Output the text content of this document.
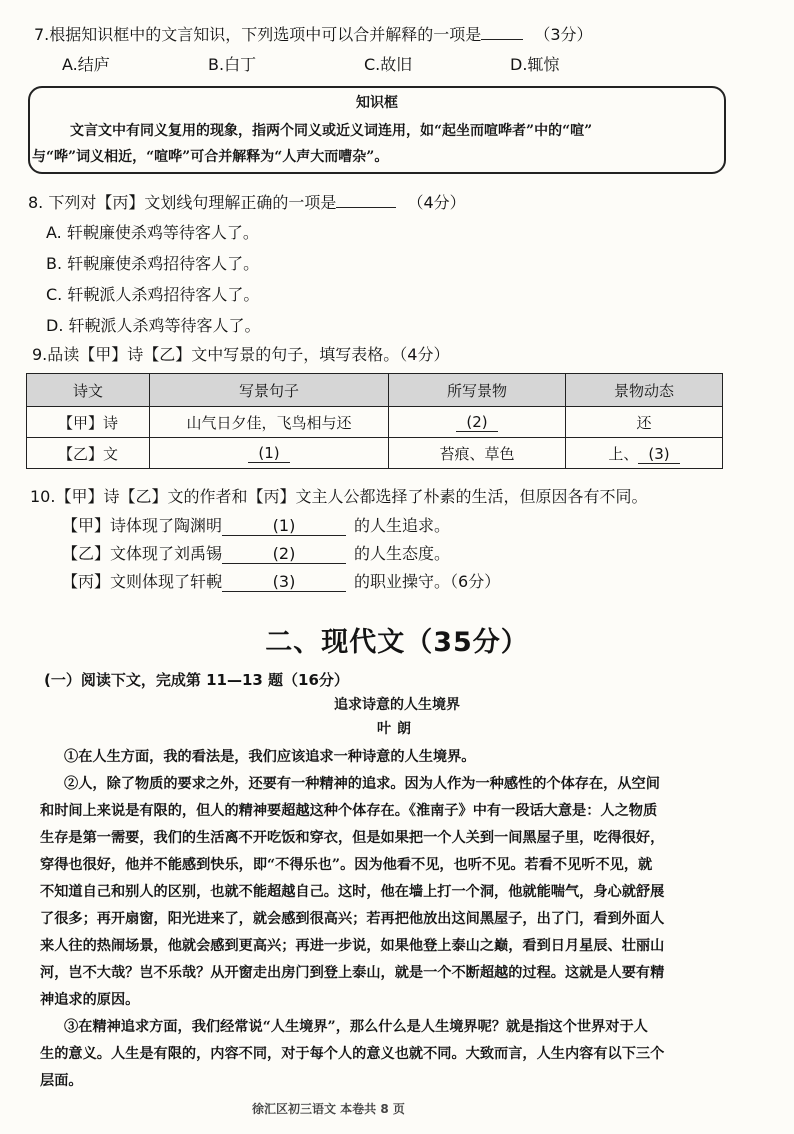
7.根据知识框中的文言知识，下列选项中可以合并解释的一项是	（3分）
A.结庐	B.白丁	C.故旧	D.辄惊
知识框
文言文中有同义复用的现象，指两个同义或近义词连用，如“起坐而喧哗者”中的“喧”
与“哗”词义相近，“喧哗”可合并解释为“人声大而嘈杂”。
8. 下列对【丙】文划线句理解正确的一项是	（4分）
A. 轩輗廉使杀鸡等待客人了。
B. 轩輗廉使杀鸡招待客人了。
C. 轩輗派人杀鸡招待客人了。
D. 轩輗派人杀鸡等待客人了。
9.品读【甲】诗【乙】文中写景的句子，填写表格。（4分）
诗文	写景句子	所写景物	景物动态
【甲】诗	山气日夕佳，飞鸟相与还	(2)	还
【乙】文	(1)	苔痕、草色	上、 (3)
10.【甲】诗【乙】文的作者和【丙】文主人公都选择了朴素的生活，但原因各有不同。
【甲】诗体现了陶渊明	(1)	的人生追求。
【乙】文体现了刘禹锡	(2)	的人生态度。
【丙】文则体现了轩輗	(3)	的职业操守。（6分）
二、现代文（35分）
(一）阅读下文，完成第 11—13 题（16分）
追求诗意的人生境界
叶朗
①在人生方面，我的看法是，我们应该追求一种诗意的人生境界。
②人，除了物质的要求之外，还要有一种精神的追求。因为人作为一种感性的个体存在，从空间
和时间上来说是有限的，但人的精神要超越这种个体存在。《淮南子》中有一段话大意是：人之物质
生存是第一需要，我们的生活离不开吃饭和穿衣，但是如果把一个人关到一间黑屋子里，吃得很好，
穿得也很好，他并不能感到快乐，即“不得乐也”。因为他看不见，也听不见。若看不见听不见，就
不知道自己和别人的区别，也就不能超越自己。这时，他在墙上打一个洞，他就能喘气，身心就舒展
了很多；再开扇窗，阳光进来了，就会感到很高兴；若再把他放出这间黑屋子，出了门，看到外面人
来人往的热闹场景，他就会感到更高兴；再进一步说，如果他登上泰山之巅，看到日月星辰、壮丽山
河，岂不大哉？岂不乐哉？从开窗走出房门到登上泰山，就是一个不断超越的过程。这就是人要有精
神追求的原因。
③在精神追求方面，我们经常说“人生境界”，那么什么是人生境界呢？就是指这个世界对于人
生的意义。人生是有限的，内容不同，对于每个人的意义也就不同。大致而言，人生内容有以下三个
层面。
徐汇区初三语文 本卷共 8 页
